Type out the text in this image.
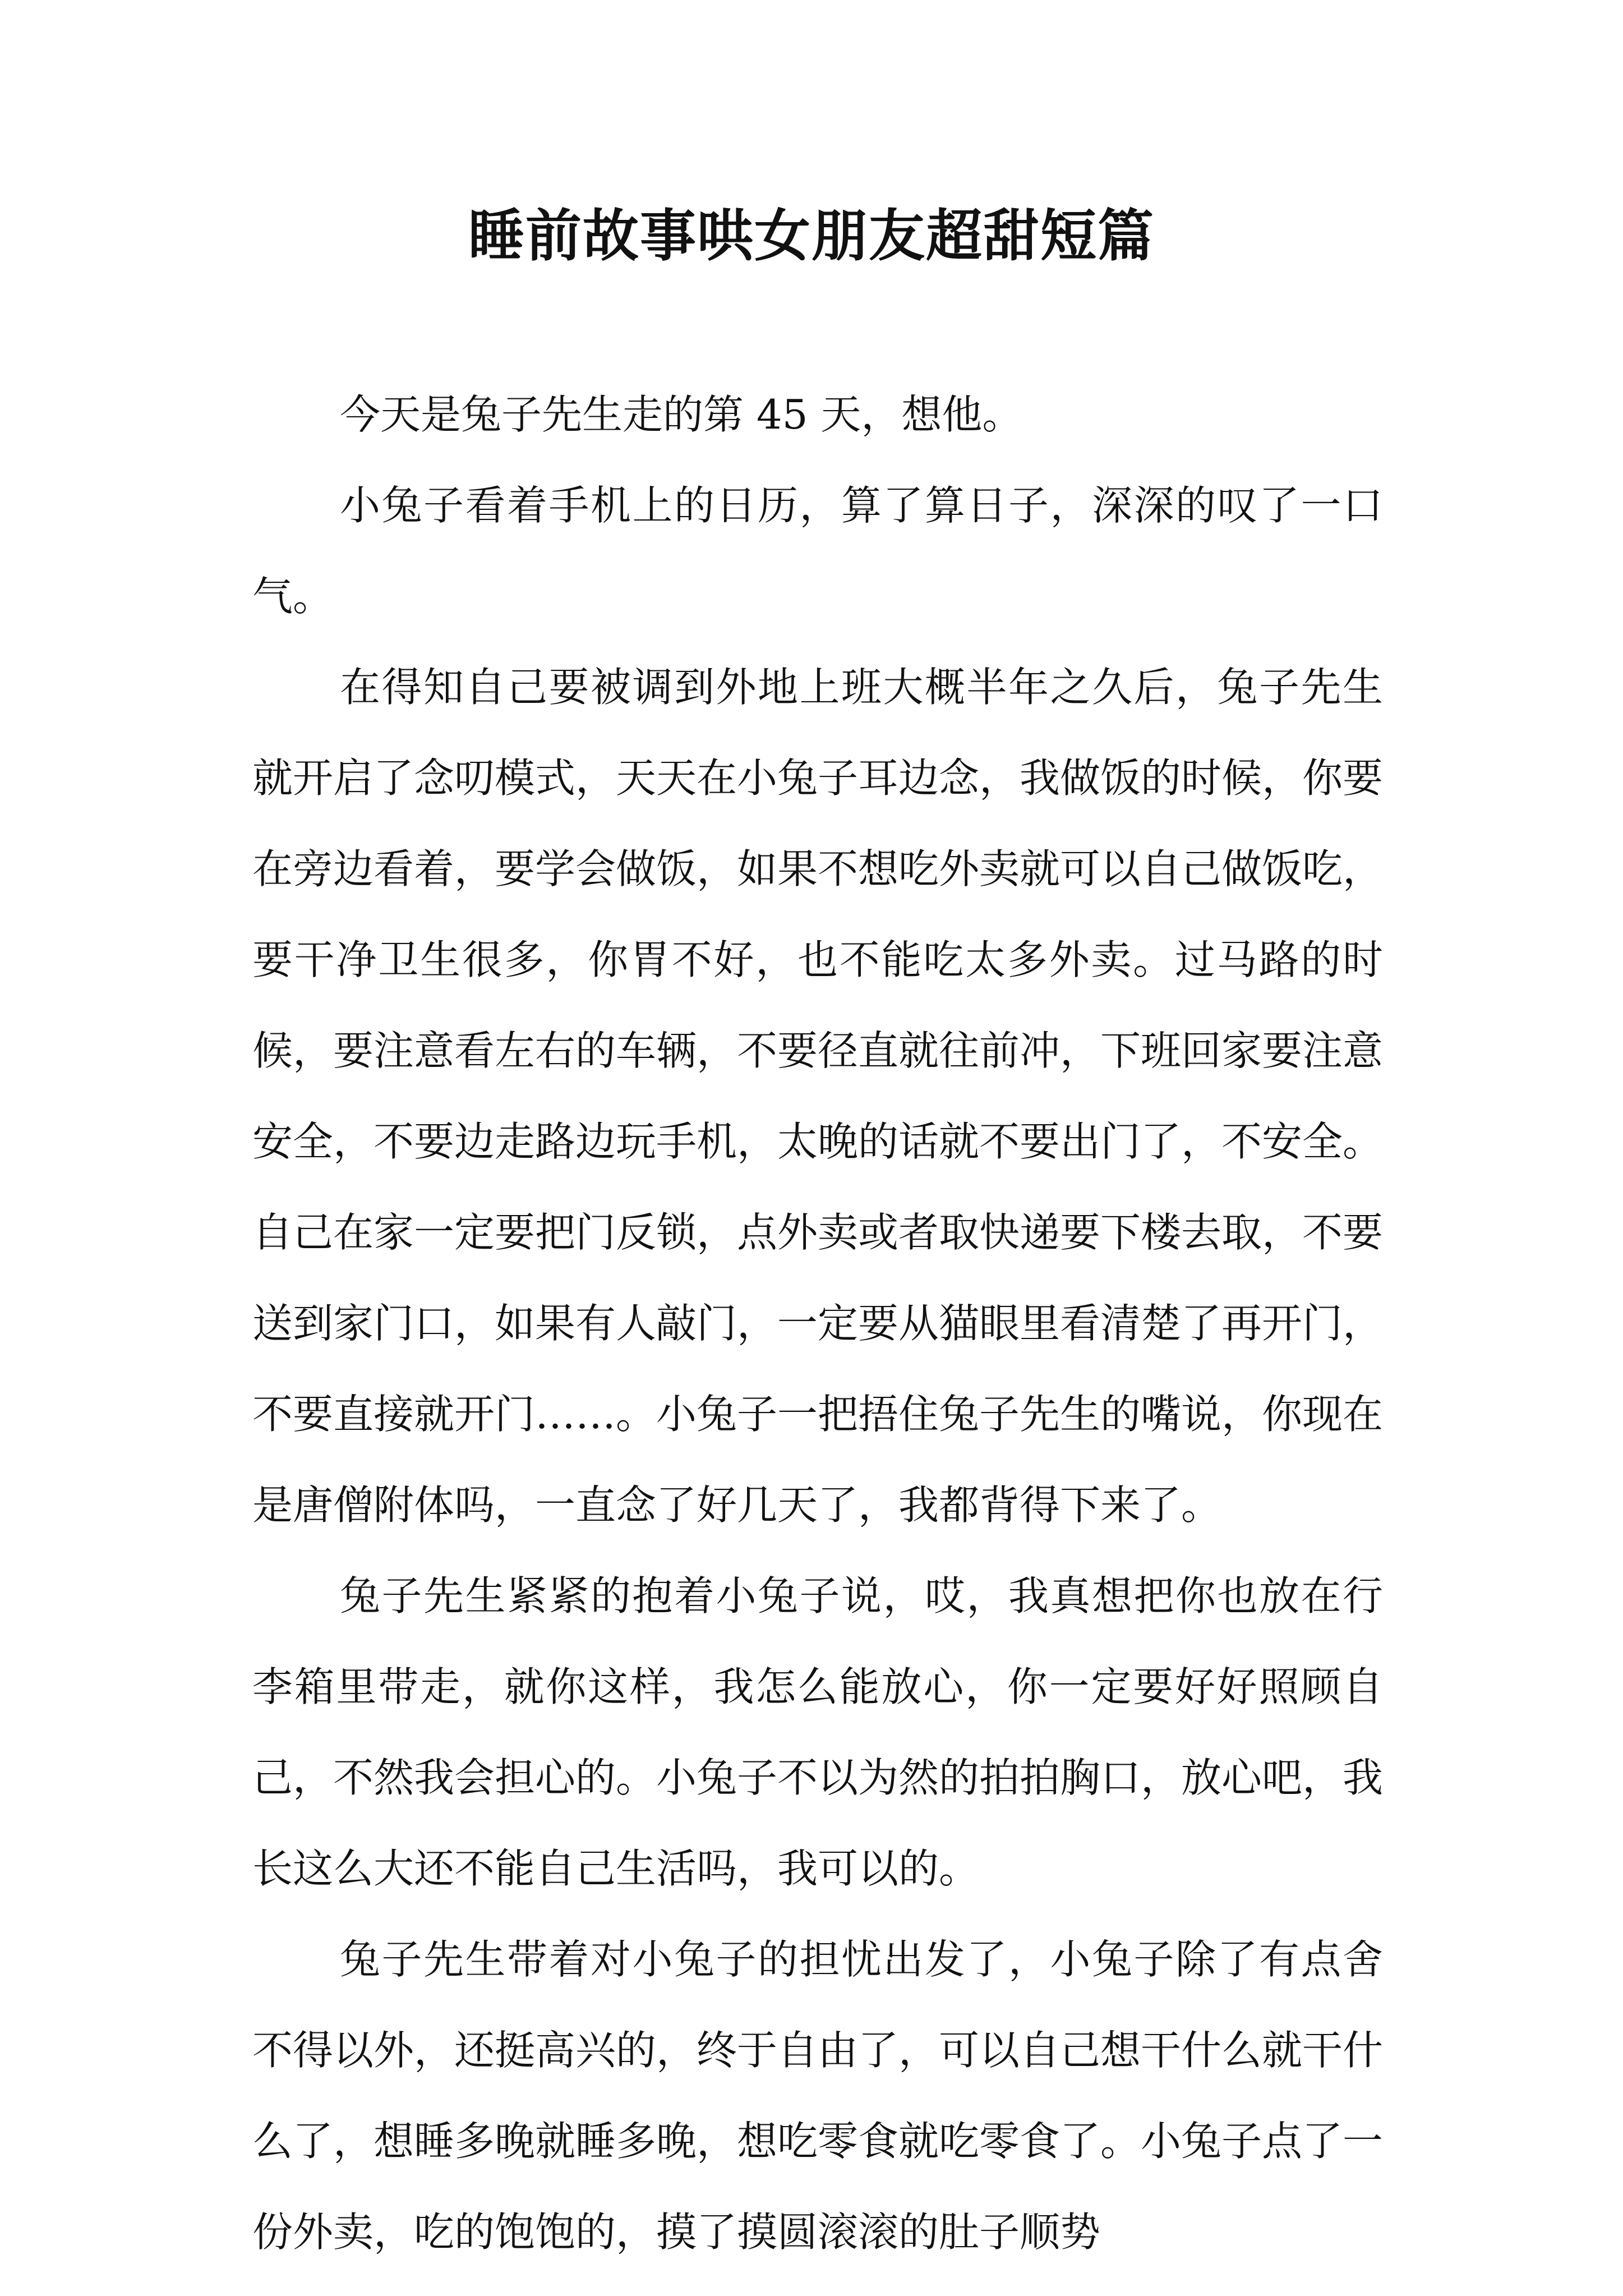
睡前故事哄女朋友超甜短篇

今天是兔子先生走的第 45 天，想他。

小兔子看着手机上的日历，算了算日子，深深的叹了一口气。

在得知自己要被调到外地上班大概半年之久后，兔子先生就开启了念叨模式，天天在小兔子耳边念，我做饭的时候，你要在旁边看着，要学会做饭，如果不想吃外卖就可以自己做饭吃，要干净卫生很多，你胃不好，也不能吃太多外卖。过马路的时候，要注意看左右的车辆，不要径直就往前冲，下班回家要注意安全，不要边走路边玩手机，太晚的话就不要出门了，不安全。自己在家一定要把门反锁，点外卖或者取快递要下楼去取，不要送到家门口，如果有人敲门，一定要从猫眼里看清楚了再开门，不要直接就开门……。小兔子一把捂住兔子先生的嘴说，你现在是唐僧附体吗，一直念了好几天了，我都背得下来了。

兔子先生紧紧的抱着小兔子说，哎，我真想把你也放在行李箱里带走，就你这样，我怎么能放心，你一定要好好照顾自己，不然我会担心的。小兔子不以为然的拍拍胸口，放心吧，我长这么大还不能自己生活吗，我可以的。

兔子先生带着对小兔子的担忧出发了，小兔子除了有点舍不得以外，还挺高兴的，终于自由了，可以自己想干什么就干什么了，想睡多晚就睡多晚，想吃零食就吃零食了。小兔子点了一份外卖，吃的饱饱的，摸了摸圆滚滚的肚子顺势
